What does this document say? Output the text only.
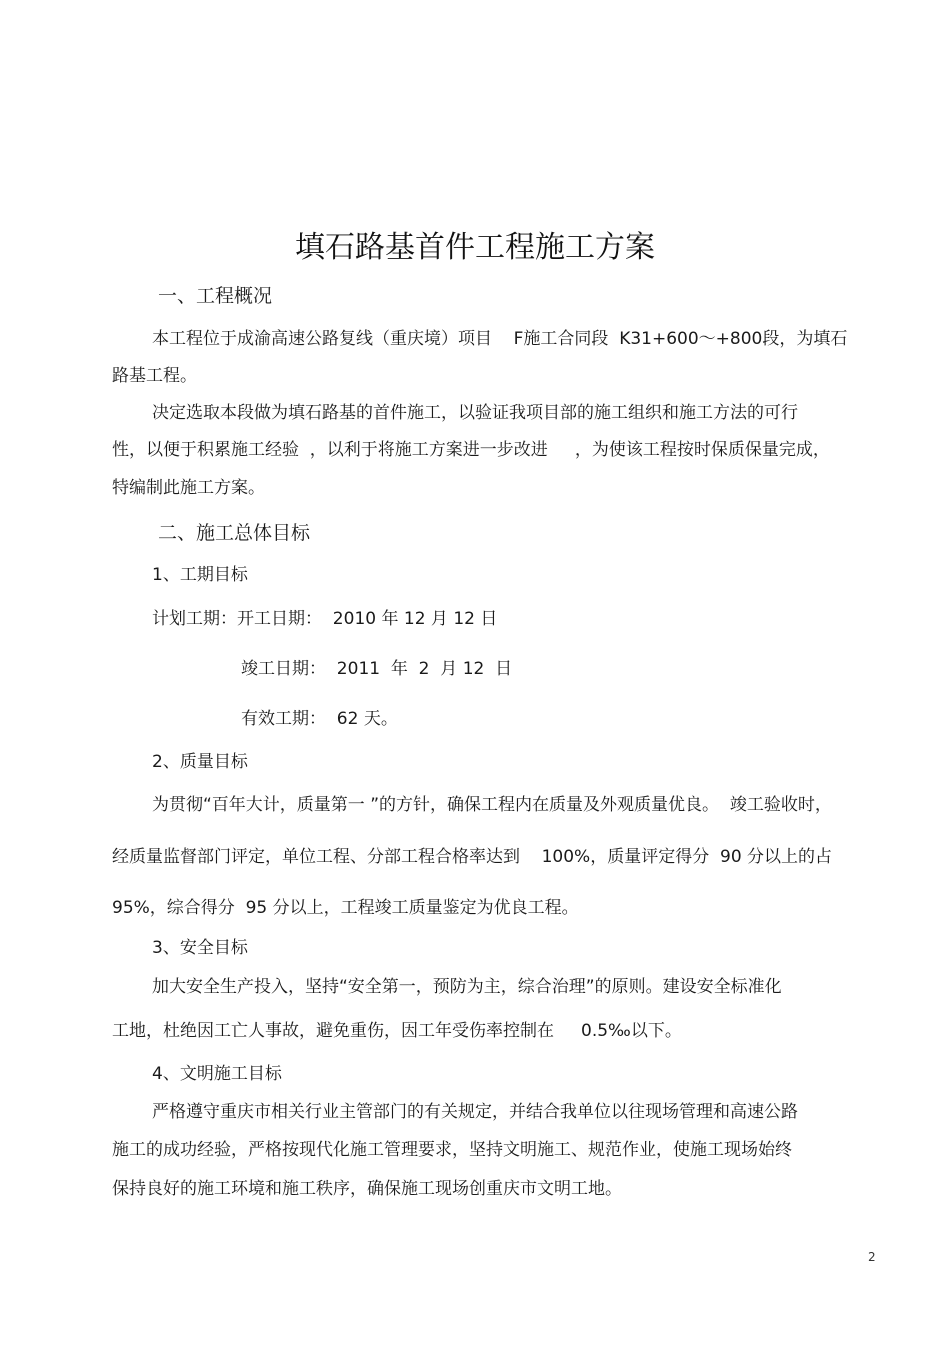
填石路基首件工程施工方案
一、工程概况
本工程位于成渝高速公路复线（重庆境）项目    F施工合同段  K31+600～+800段，为填石
路基工程。
决定选取本段做为填石路基的首件施工，以验证我项目部的施工组织和施工方法的可行
性，以便于积累施工经验  ，以利于将施工方案进一步改进     ，为使该工程按时保质保量完成，
特编制此施工方案。
二、施工总体目标
1、工期目标
计划工期：开工日期：  2010 年 12 月 12 日
竣工日期：  2011  年  2  月 12  日
有效工期：  62 天。
2、质量目标
为贯彻“百年大计，质量第一 ”的方针，确保工程内在质量及外观质量优良。  竣工验收时，
经质量监督部门评定，单位工程、分部工程合格率达到    100%，质量评定得分  90 分以上的占
95%，综合得分  95 分以上，工程竣工质量鉴定为优良工程。
3、安全目标
加大安全生产投入，坚持“安全第一，预防为主，综合治理”的原则。建设安全标准化
工地，杜绝因工亡人事故，避免重伤，因工年受伤率控制在     0.5‰以下。
4、文明施工目标
严格遵守重庆市相关行业主管部门的有关规定，并结合我单位以往现场管理和高速公路
施工的成功经验，严格按现代化施工管理要求，坚持文明施工、规范作业，使施工现场始终
保持良好的施工环境和施工秩序，确保施工现场创重庆市文明工地。
2
